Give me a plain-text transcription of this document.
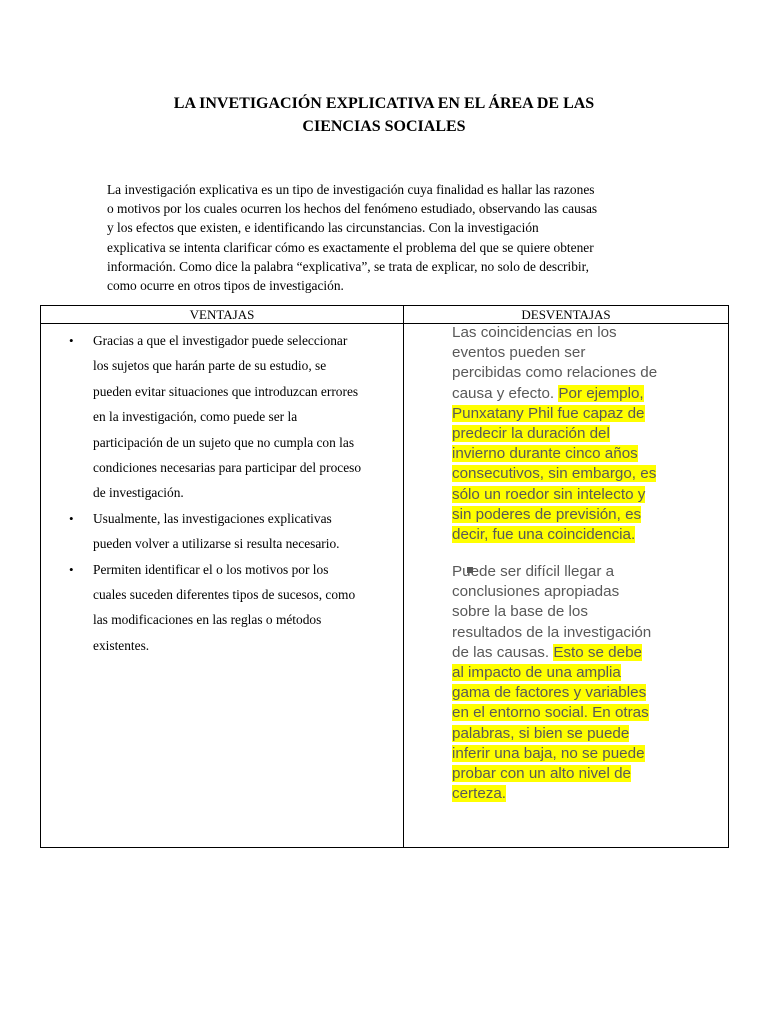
LA INVETIGACIÓN EXPLICATIVA EN EL ÁREA DE LAS
CIENCIAS SOCIALES
La investigación explicativa es un tipo de investigación cuya finalidad es hallar las razones
o motivos por los cuales ocurren los hechos del fenómeno estudiado, observando las causas
y los efectos que existen, e identificando las circunstancias. Con la investigación
explicativa se intenta clarificar cómo es exactamente el problema del que se quiere obtener
información. Como dice la palabra “explicativa”, se trata de explicar, no solo de describir,
como ocurre en otros tipos de investigación.
VENTAJAS	DESVENTAJAS
• Gracias a que el investigador puede seleccionar
los sujetos que harán parte de su estudio, se
pueden evitar situaciones que introduzcan errores
en la investigación, como puede ser la
participación de un sujeto que no cumpla con las
condiciones necesarias para participar del proceso
de investigación.
• Usualmente, las investigaciones explicativas
pueden volver a utilizarse si resulta necesario.
• Permiten identificar el o los motivos por los
cuales suceden diferentes tipos de sucesos, como
las modificaciones en las reglas o métodos
existentes.
Las coincidencias en los
eventos pueden ser
percibidas como relaciones de
causa y efecto. Por ejemplo,
Punxatany Phil fue capaz de
predecir la duración del
invierno durante cinco años
consecutivos, sin embargo, es
sólo un roedor sin intelecto y
sin poderes de previsión, es
decir, fue una coincidencia.
Puede ser difícil llegar a
conclusiones apropiadas
sobre la base de los
resultados de la investigación
de las causas. Esto se debe
al impacto de una amplia
gama de factores y variables
en el entorno social. En otras
palabras, si bien se puede
inferir una baja, no se puede
probar con un alto nivel de
certeza.
